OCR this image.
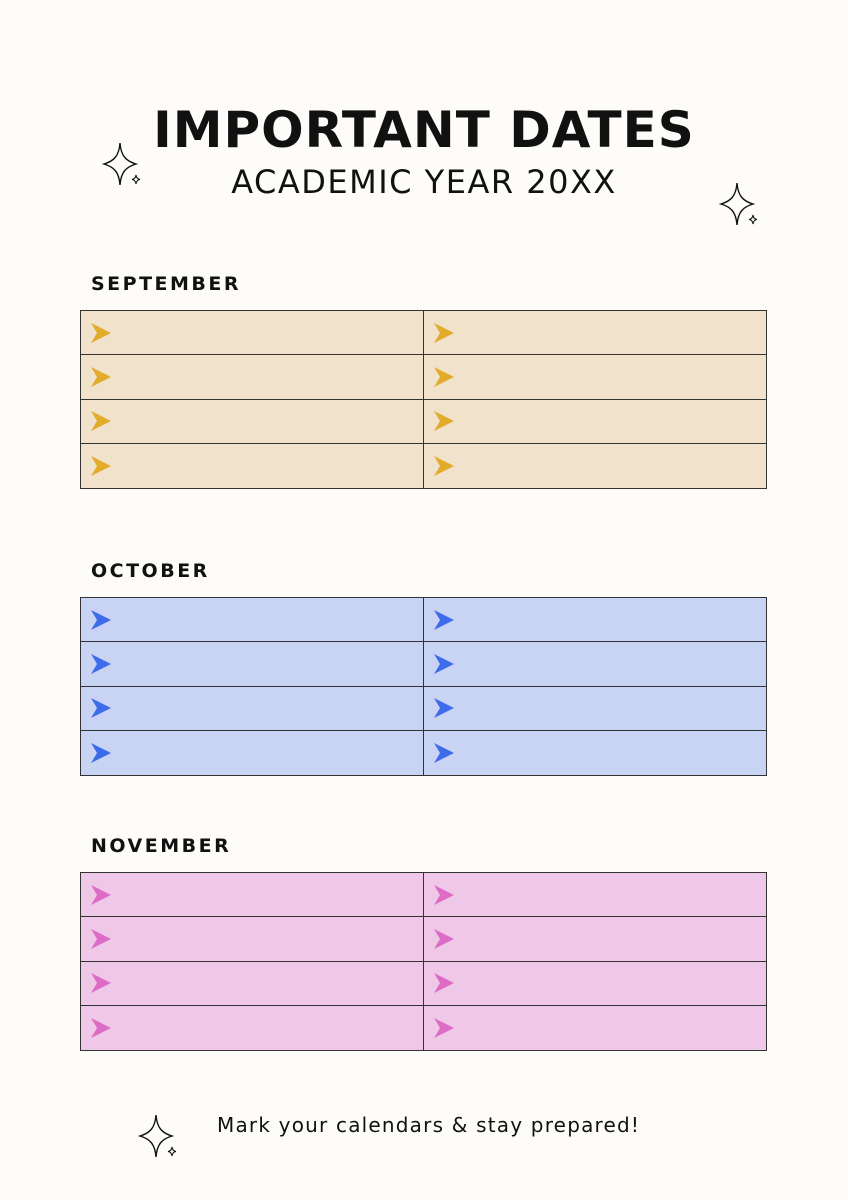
IMPORTANT DATES
ACADEMIC YEAR 20XX
SEPTEMBER
OCTOBER
NOVEMBER

Mark your calendars & stay prepared!
